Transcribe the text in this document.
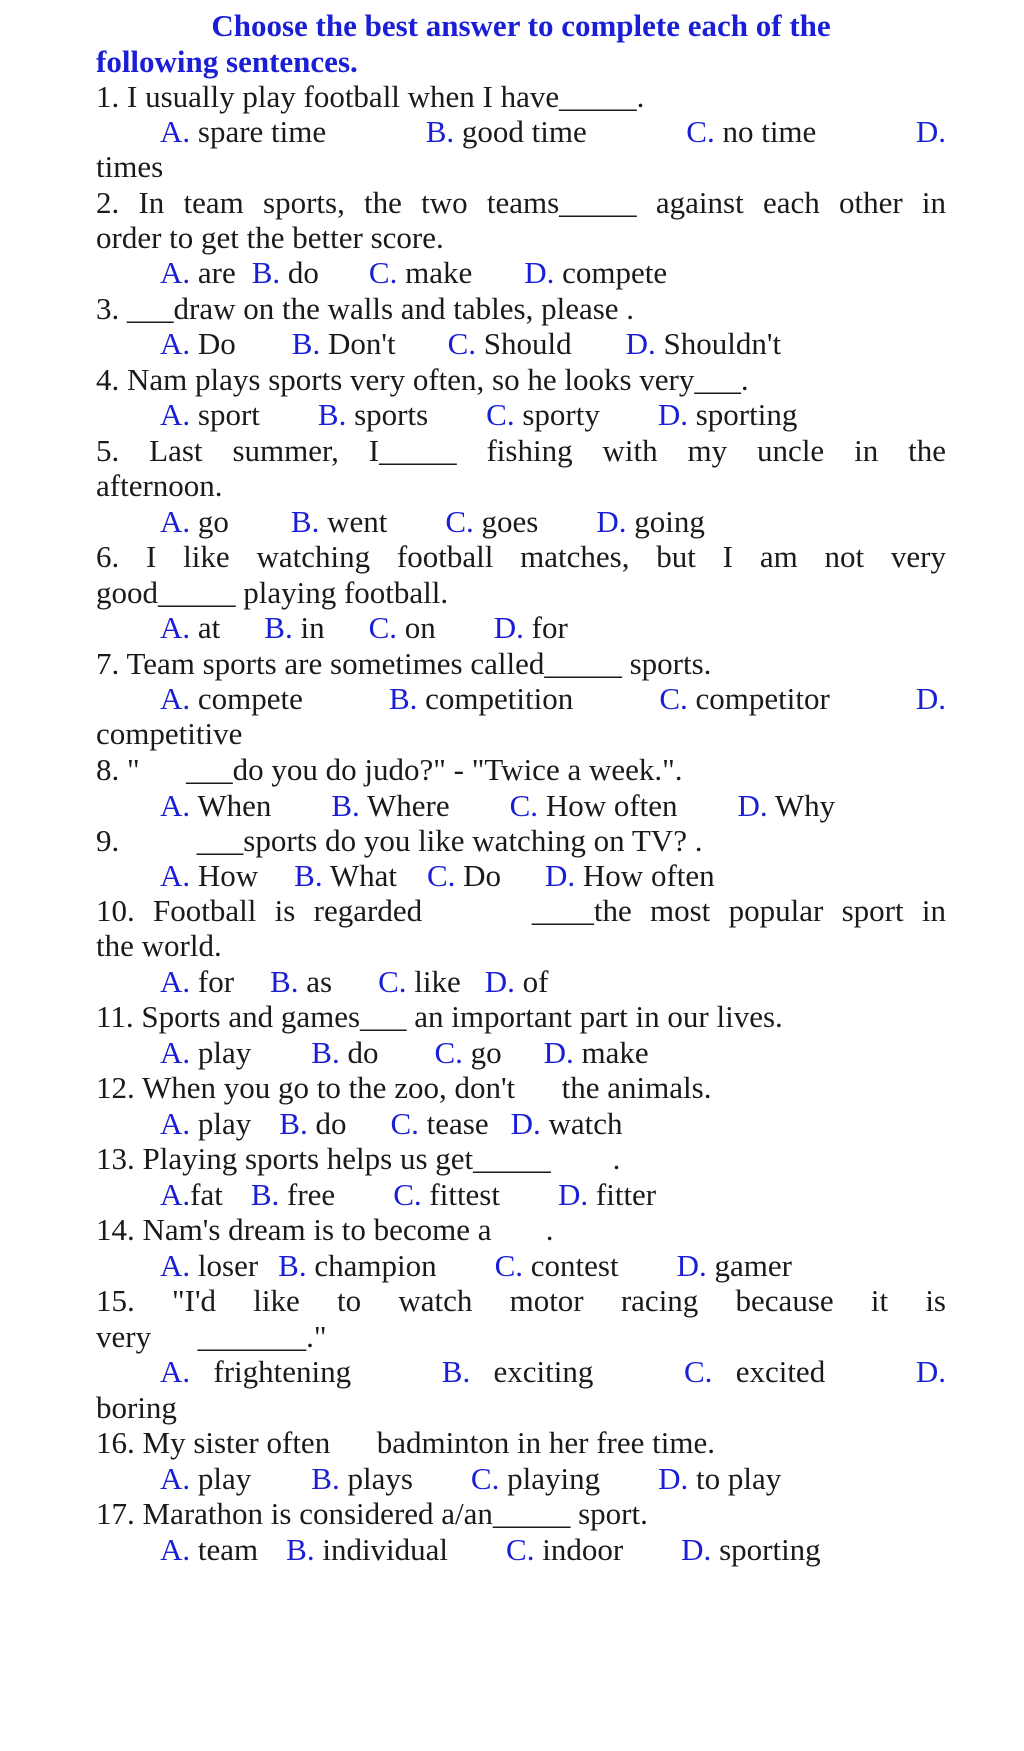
Choose the best answer to complete each of the
following sentences.
1. I usually play football when I have_____.
A. spare time	B. good time	C. no time	D.
times
2. In team sports, the two teams_____ against each other in
order to get the better score.
A. are B. do C. make D. compete
3. ___draw on the walls and tables, please .
A. Do B. Don't C. Should D. Shouldn't
4. Nam plays sports very often, so he looks very___.
A. sport B. sports C. sporty D. sporting
5. Last summer, I_____ fishing with my uncle in the
afternoon.
A. go B. went C. goes D. going
6. I like watching football matches, but I am not very
good_____ playing football.
A. at B. in C. on D. for
7. Team sports are sometimes called_____ sports.
A. compete	B. competition	C. competitor	D.
competitive
8. "      ___do you do judo?" - "Twice a week.".
A. When B. Where C. How often D. Why
9.          ___sports do you like watching on TV? .
A. How B. What C. Do D. How often
10. Football is regarded      ____the most popular sport in
the world.
A. for B. as C. like D. of
11. Sports and games___ an important part in our lives.
A. play B. do C. go D. make
12. When you go to the zoo, don't      the animals.
A. play B. do C. tease D. watch
13. Playing sports helps us get_____        .
A.fat B. free C. fittest D. fitter
14. Nam's dream is to become a       .
A. loser B. champion C. contest D. gamer
15. "I'd like to watch motor racing because it is
very      _______."
A. frightening	B. exciting	C. excited	D.
boring
16. My sister often      badminton in her free time.
A. play B. plays C. playing D. to play
17. Marathon is considered a/an_____ sport.
A. team B. individual C. indoor D. sporting
